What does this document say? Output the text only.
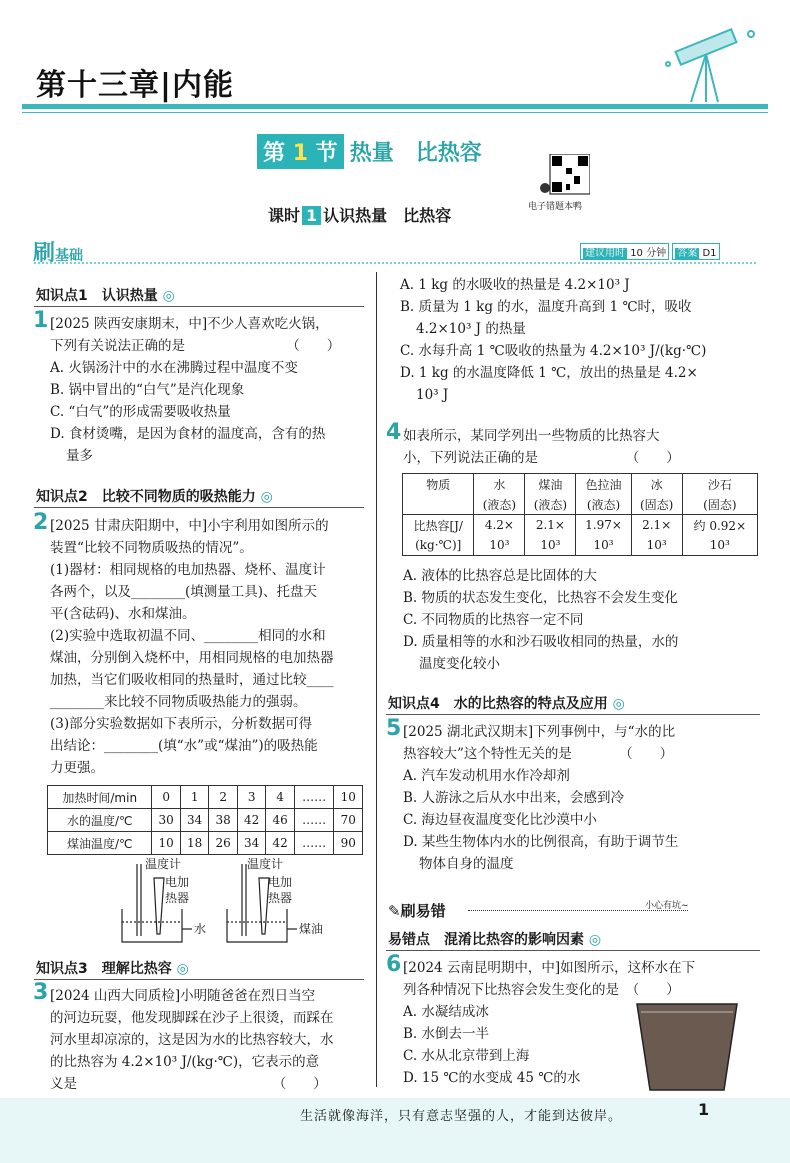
第十三章|内能
第 1 节 热量　比热容
电子错题本鸭
课时 1 认识热量　比热容
刷基础	建议用时 10 分钟 答案 D1
知识点1　认识热量 ◎
1 [2025 陕西安康期末，中]不少人喜欢吃火锅，
下列有关说法正确的是　　　　　　　　（　　）
A. 火锅汤汁中的水在沸腾过程中温度不变
B. 锅中冒出的“白气”是汽化现象
C. “白气”的形成需要吸收热量
D. 食材烫嘴，是因为食材的温度高，含有的热
量多
知识点2　比较不同物质的吸热能力 ◎
2 [2025 甘肃庆阳期中，中]小宇利用如图所示的
装置“比较不同物质吸热的情况”。
(1)器材：相同规格的电加热器、烧杯、温度计
各两个，以及________(填测量工具)、托盘天
平(含砝码)、水和煤油。
(2)实验中选取初温不同、________相同的水和
煤油，分别倒入烧杯中，用相同规格的电加热器
加热，当它们吸收相同的热量时，通过比较____
________来比较不同物质吸热能力的强弱。
(3)部分实验数据如下表所示，分析数据可得
出结论：________(填“水”或“煤油”)的吸热能
力更强。
加热时间/min	0	1	2	3	4	……	10
水的温度/℃	30	34	38	42	46	……	70
煤油温度/℃	10	18	26	34	42	……	90
温度计
电加
热器
水
温度计
电加
热器
煤油
知识点3　理解比热容 ◎
3 [2024 山西大同质检]小明随爸爸在烈日当空
的河边玩耍，他发现脚踩在沙子上很烫，而踩在
河水里却凉凉的，这是因为水的比热容较大，水
的比热容为 4.2×10³ J/(kg·℃)，它表示的意
义是　　　　　　　　　　　　　　　（　　）
A. 1 kg 的水吸收的热量是 4.2×10³ J
B. 质量为 1 kg 的水，温度升高到 1 ℃时，吸收
4.2×10³ J 的热量
C. 水每升高 1 ℃吸收的热量为 4.2×10³ J/(kg·℃)
D. 1 kg 的水温度降低 1 ℃，放出的热量是 4.2×
10³ J
4 如表所示，某同学列出一些物质的比热容大
小，下列说法正确的是　　　　　　　（　　）
物质	水	煤油	色拉油	冰	沙石
	(液态)	(液态)	(液态)	(固态)	(固态)
比热容[J/	4.2×	2.1×	1.97×	2.1×	约 0.92×
(kg·℃)]	10³	10³	10³	10³	10³
A. 液体的比热容总是比固体的大
B. 物质的状态发生变化，比热容不会发生变化
C. 不同物质的比热容一定不同
D. 质量相等的水和沙石吸收相同的热量，水的
温度变化较小
知识点4　水的比热容的特点及应用 ◎
5 [2025 湖北武汉期末]下列事例中，与“水的比
热容较大”这个特性无关的是　　　　（　　）
A. 汽车发动机用水作冷却剂
B. 人游泳之后从水中出来，会感到冷
C. 海边昼夜温度变化比沙漠中小
D. 某些生物体内水的比例很高，有助于调节生
物体自身的温度
✎刷易错	小心有坑~
易错点　混淆比热容的影响因素 ◎
6 [2024 云南昆明期中，中]如图所示，这杯水在下
列各种情况下比热容会发生变化的是　（　　）
A. 水凝结成冰
B. 水倒去一半
C. 水从北京带到上海
D. 15 ℃的水变成 45 ℃的水
生活就像海洋，只有意志坚强的人，才能到达彼岸。	1
